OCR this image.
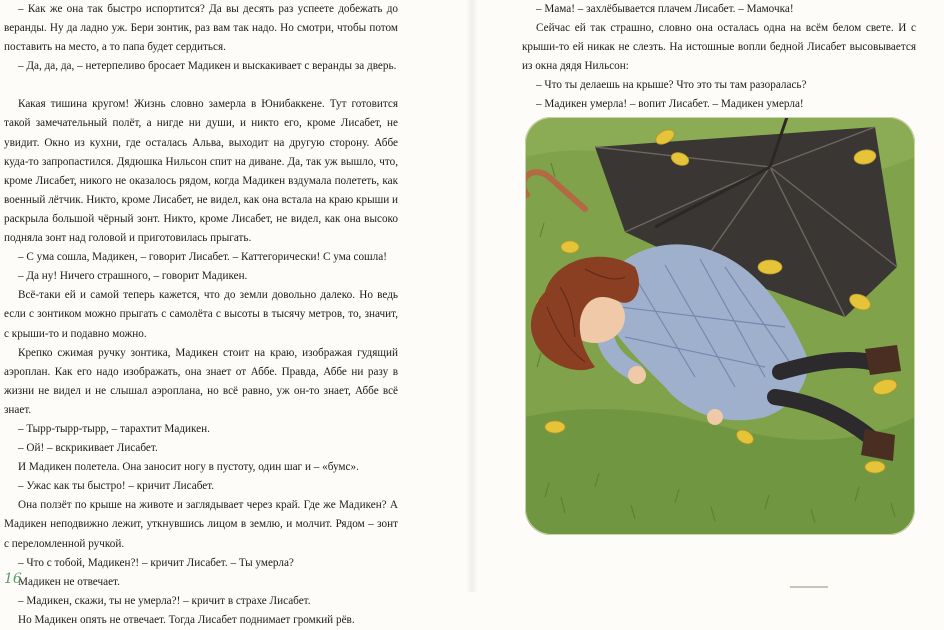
– Как же она так быстро испортится? Да вы десять раз успеете добежать до веранды. Ну да ладно уж. Бери зонтик, раз вам так надо. Но смотри, чтобы потом поставить на место, а то папа будет сердиться.

– Да, да, да, – нетерпеливо бросает Мадикен и выскакивает с веранды за дверь.

Какая тишина кругом! Жизнь словно замерла в Юнибаккене. Тут готовится такой замечательный полёт, а нигде ни души, и никто его, кроме Лисабет, не увидит. Окно из кухни, где осталась Альва, выходит на другую сторону. Аббе куда-то запропастился. Дядюшка Нильсон спит на диване. Да, так уж вышло, что, кроме Лисабет, никого не оказалось рядом, когда Мадикен вздумала полететь, как военный лётчик. Никто, кроме Лисабет, не видел, как она встала на краю крыши и раскрыла большой чёрный зонт. Никто, кроме Лисабет, не видел, как она высоко подняла зонт над головой и приготовилась прыгать.

– С ума сошла, Мадикен, – говорит Лисабет. – Каттегорически! С ума сошла!

– Да ну! Ничего страшного, – говорит Мадикен.

Всё-таки ей и самой теперь кажется, что до земли довольно далеко. Но ведь если с зонтиком можно прыгать с самолёта с высоты в тысячу метров, то, значит, с крыши-то и подавно можно.

Крепко сжимая ручку зонтика, Мадикен стоит на краю, изображая гудящий аэроплан. Как его надо изображать, она знает от Аббе. Правда, Аббе ни разу в жизни не видел и не слышал аэроплана, но всё равно, уж он-то знает, Аббе всё знает.

– Тырр-тырр-тырр, – тарахтит Мадикен.

– Ой! – вскрикивает Лисабет.

И Мадикен полетела. Она заносит ногу в пустоту, один шаг и – «бумс».

– Ужас как ты быстро! – кричит Лисабет.

Она ползёт по крыше на животе и заглядывает через край. Где же Мадикен? А Мадикен неподвижно лежит, уткнувшись лицом в землю, и молчит. Рядом – зонт с переломленной ручкой.

– Что с тобой, Мадикен?! – кричит Лисабет. – Ты умерла?

Мадикен не отвечает.

– Мадикен, скажи, ты не умерла?! – кричит в страхе Лисабет.

Но Мадикен опять не отвечает. Тогда Лисабет поднимает громкий рёв.

16

– Мама! – захлёбывается плачем Лисабет. – Мамочка!

Сейчас ей так страшно, словно она осталась одна на всём белом свете. И с крыши-то ей никак не слезть. На истошные вопли бедной Лисабет высовывается из окна дядя Нильсон:

– Что ты делаешь на крыше? Что это ты там разоралась?

– Мадикен умерла! – вопит Лисабет. – Мадикен умерла!
